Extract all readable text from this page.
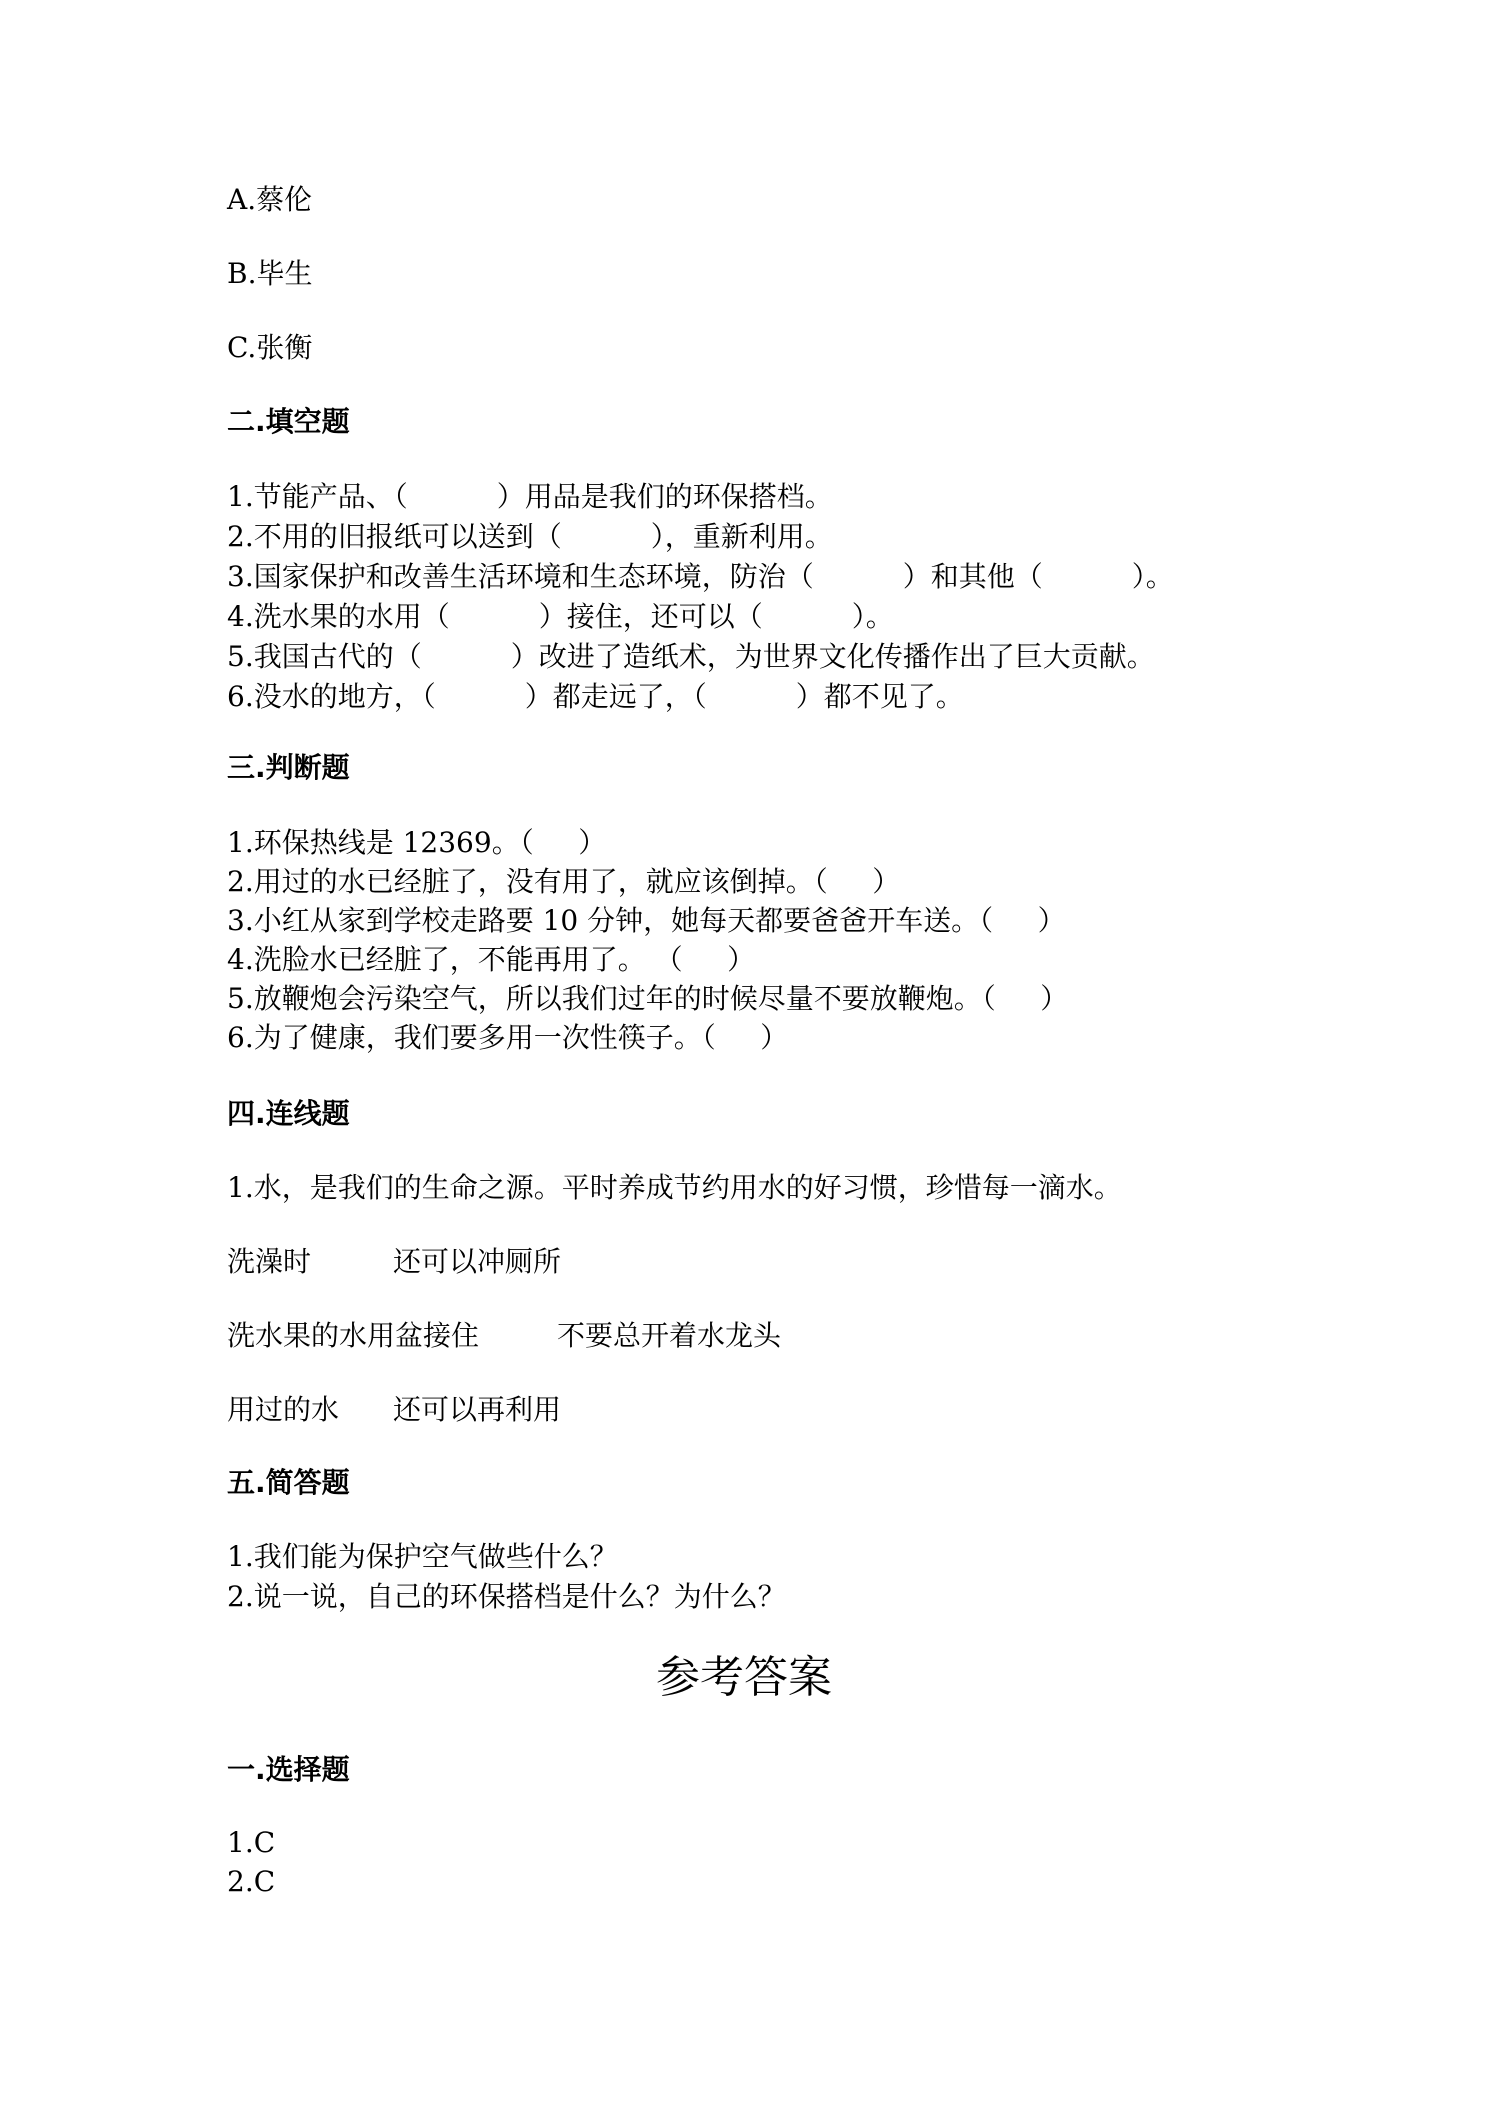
A.蔡伦
B.毕生
C.张衡
二.填空题
1.节能产品、（          ）用品是我们的环保搭档。
2.不用的旧报纸可以送到（          ），重新利用。
3.国家保护和改善生活环境和生态环境，防治（          ）和其他（          ）。
4.洗水果的水用（          ）接住，还可以（          ）。
5.我国古代的（          ）改进了造纸术，为世界文化传播作出了巨大贡献。
6.没水的地方，（          ）都走远了，（          ）都不见了。
三.判断题
1.环保热线是 12369。（     ）
2.用过的水已经脏了，没有用了，就应该倒掉。（     ）
3.小红从家到学校走路要 10 分钟，她每天都要爸爸开车送。（     ）
4.洗脸水已经脏了，不能再用了。 （     ）
5.放鞭炮会污染空气，所以我们过年的时候尽量不要放鞭炮。（     ）
6.为了健康，我们要多用一次性筷子。（     ）
四.连线题
1.水，是我们的生命之源。平时养成节约用水的好习惯，珍惜每一滴水。
洗澡时	还可以冲厕所
洗水果的水用盆接住	不要总开着水龙头
用过的水 还可以再利用
五.简答题
1.我们能为保护空气做些什么？
2.说一说，自己的环保搭档是什么？为什么？
参考答案
一.选择题
1.C
2.C
